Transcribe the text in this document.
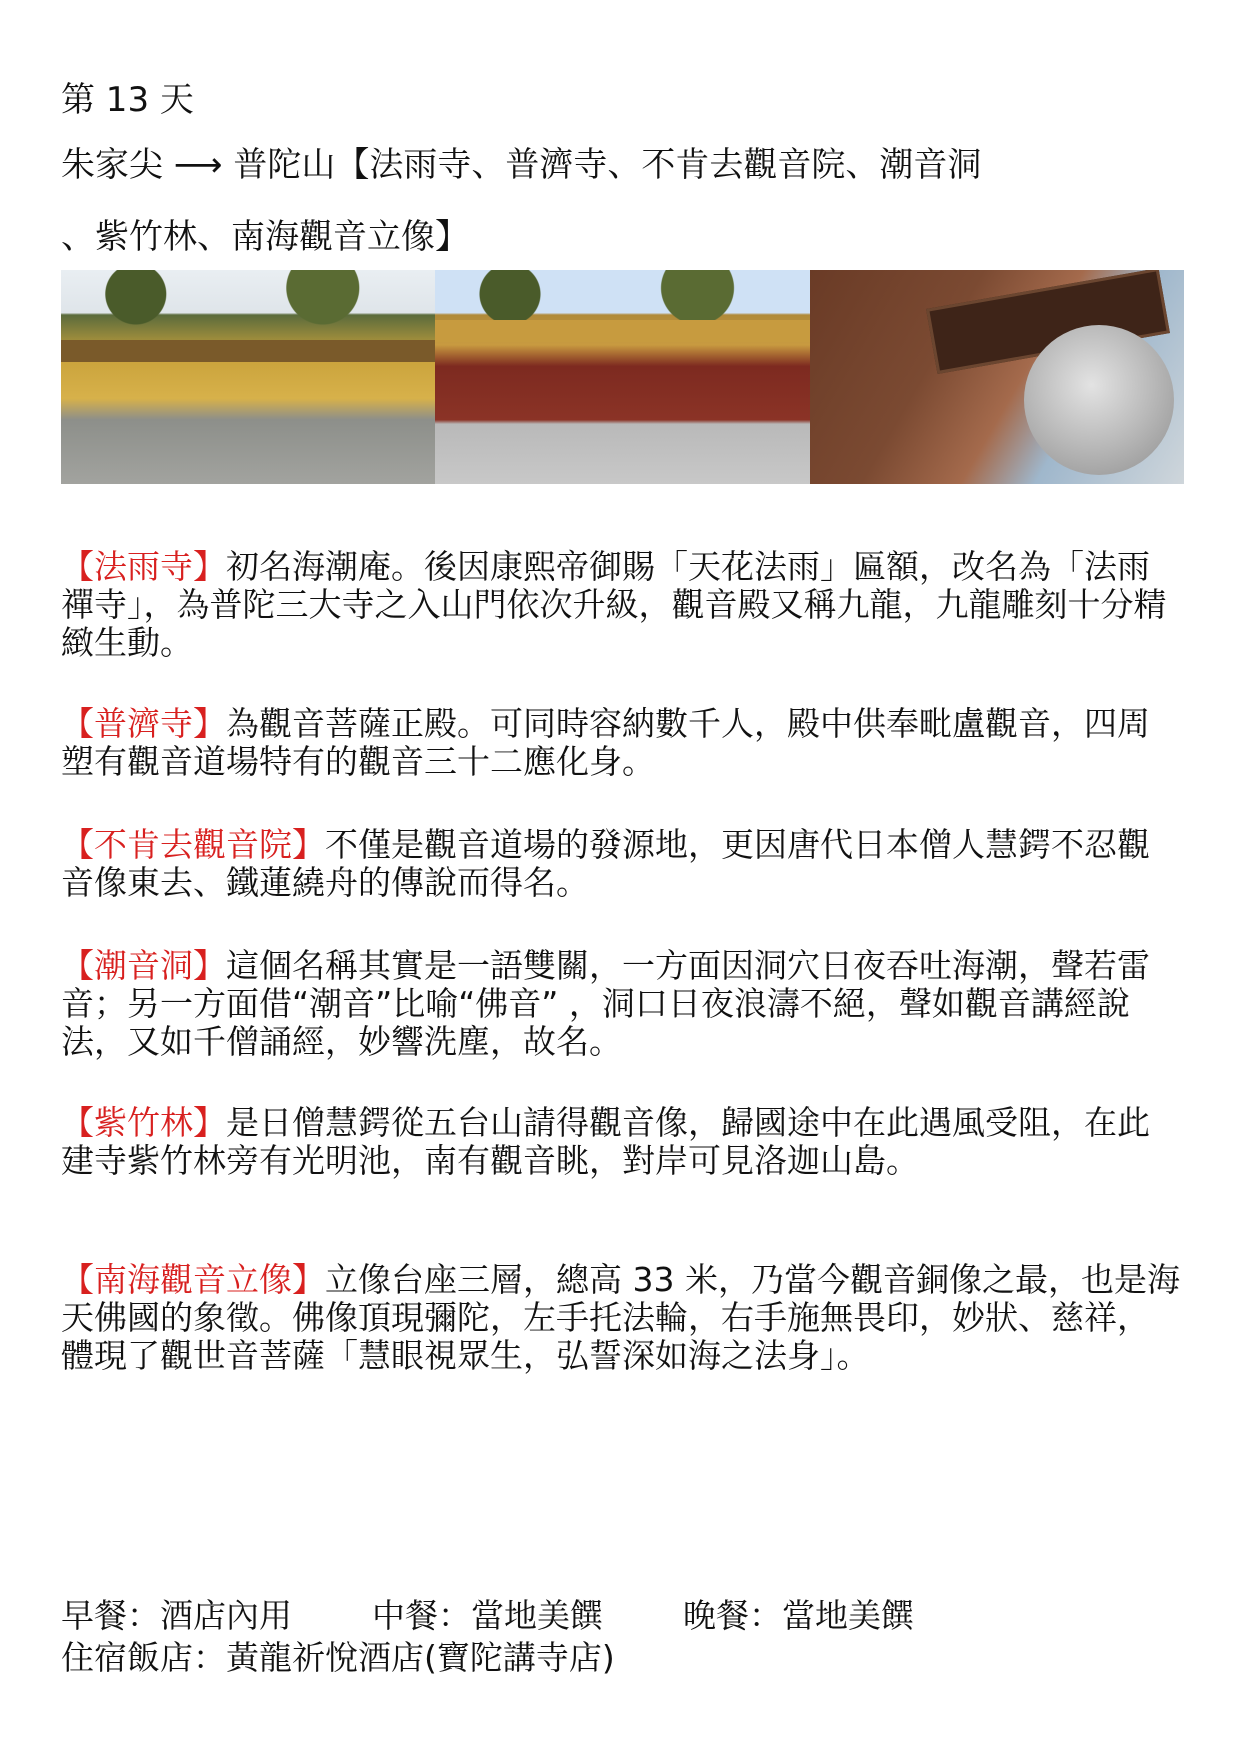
第 13 天
朱家尖 ⟶ 普陀山【法雨寺、普濟寺、不肯去觀音院、潮音洞
、紫竹林、南海觀音立像】
【法雨寺】初名海潮庵。後因康熙帝御賜「天花法雨」匾額，改名為「法雨禪寺」，為普陀三大寺之入山門依次升級，觀音殿又稱九龍，九龍雕刻十分精緻生動。
【普濟寺】為觀音菩薩正殿。可同時容納數千人，殿中供奉毗盧觀音，四周塑有觀音道場特有的觀音三十二應化身。
【不肯去觀音院】不僅是觀音道場的發源地，更因唐代日本僧人慧鍔不忍觀音像東去、鐵蓮繞舟的傳說而得名。
【潮音洞】這個名稱其實是一語雙關，一方面因洞穴日夜吞吐海潮，聲若雷音；另一方面借“潮音”比喻“佛音” ，洞口日夜浪濤不絕，聲如觀音講經說法，又如千僧誦經，妙響洗塵，故名。
【紫竹林】是日僧慧鍔從五台山請得觀音像，歸國途中在此遇風受阻，在此建寺紫竹林旁有光明池，南有觀音眺，對岸可見洛迦山島。
【南海觀音立像】立像台座三層，總高 33 米，乃當今觀音銅像之最，也是海天佛國的象徵。佛像頂現彌陀，左手托法輪，右手施無畏印，妙狀、慈祥，體現了觀世音菩薩「慧眼視眾生，弘誓深如海之法身」。
早餐：酒店內用 中餐：當地美饌 晚餐：當地美饌
住宿飯店：黃龍祈悅酒店(寶陀講寺店)
